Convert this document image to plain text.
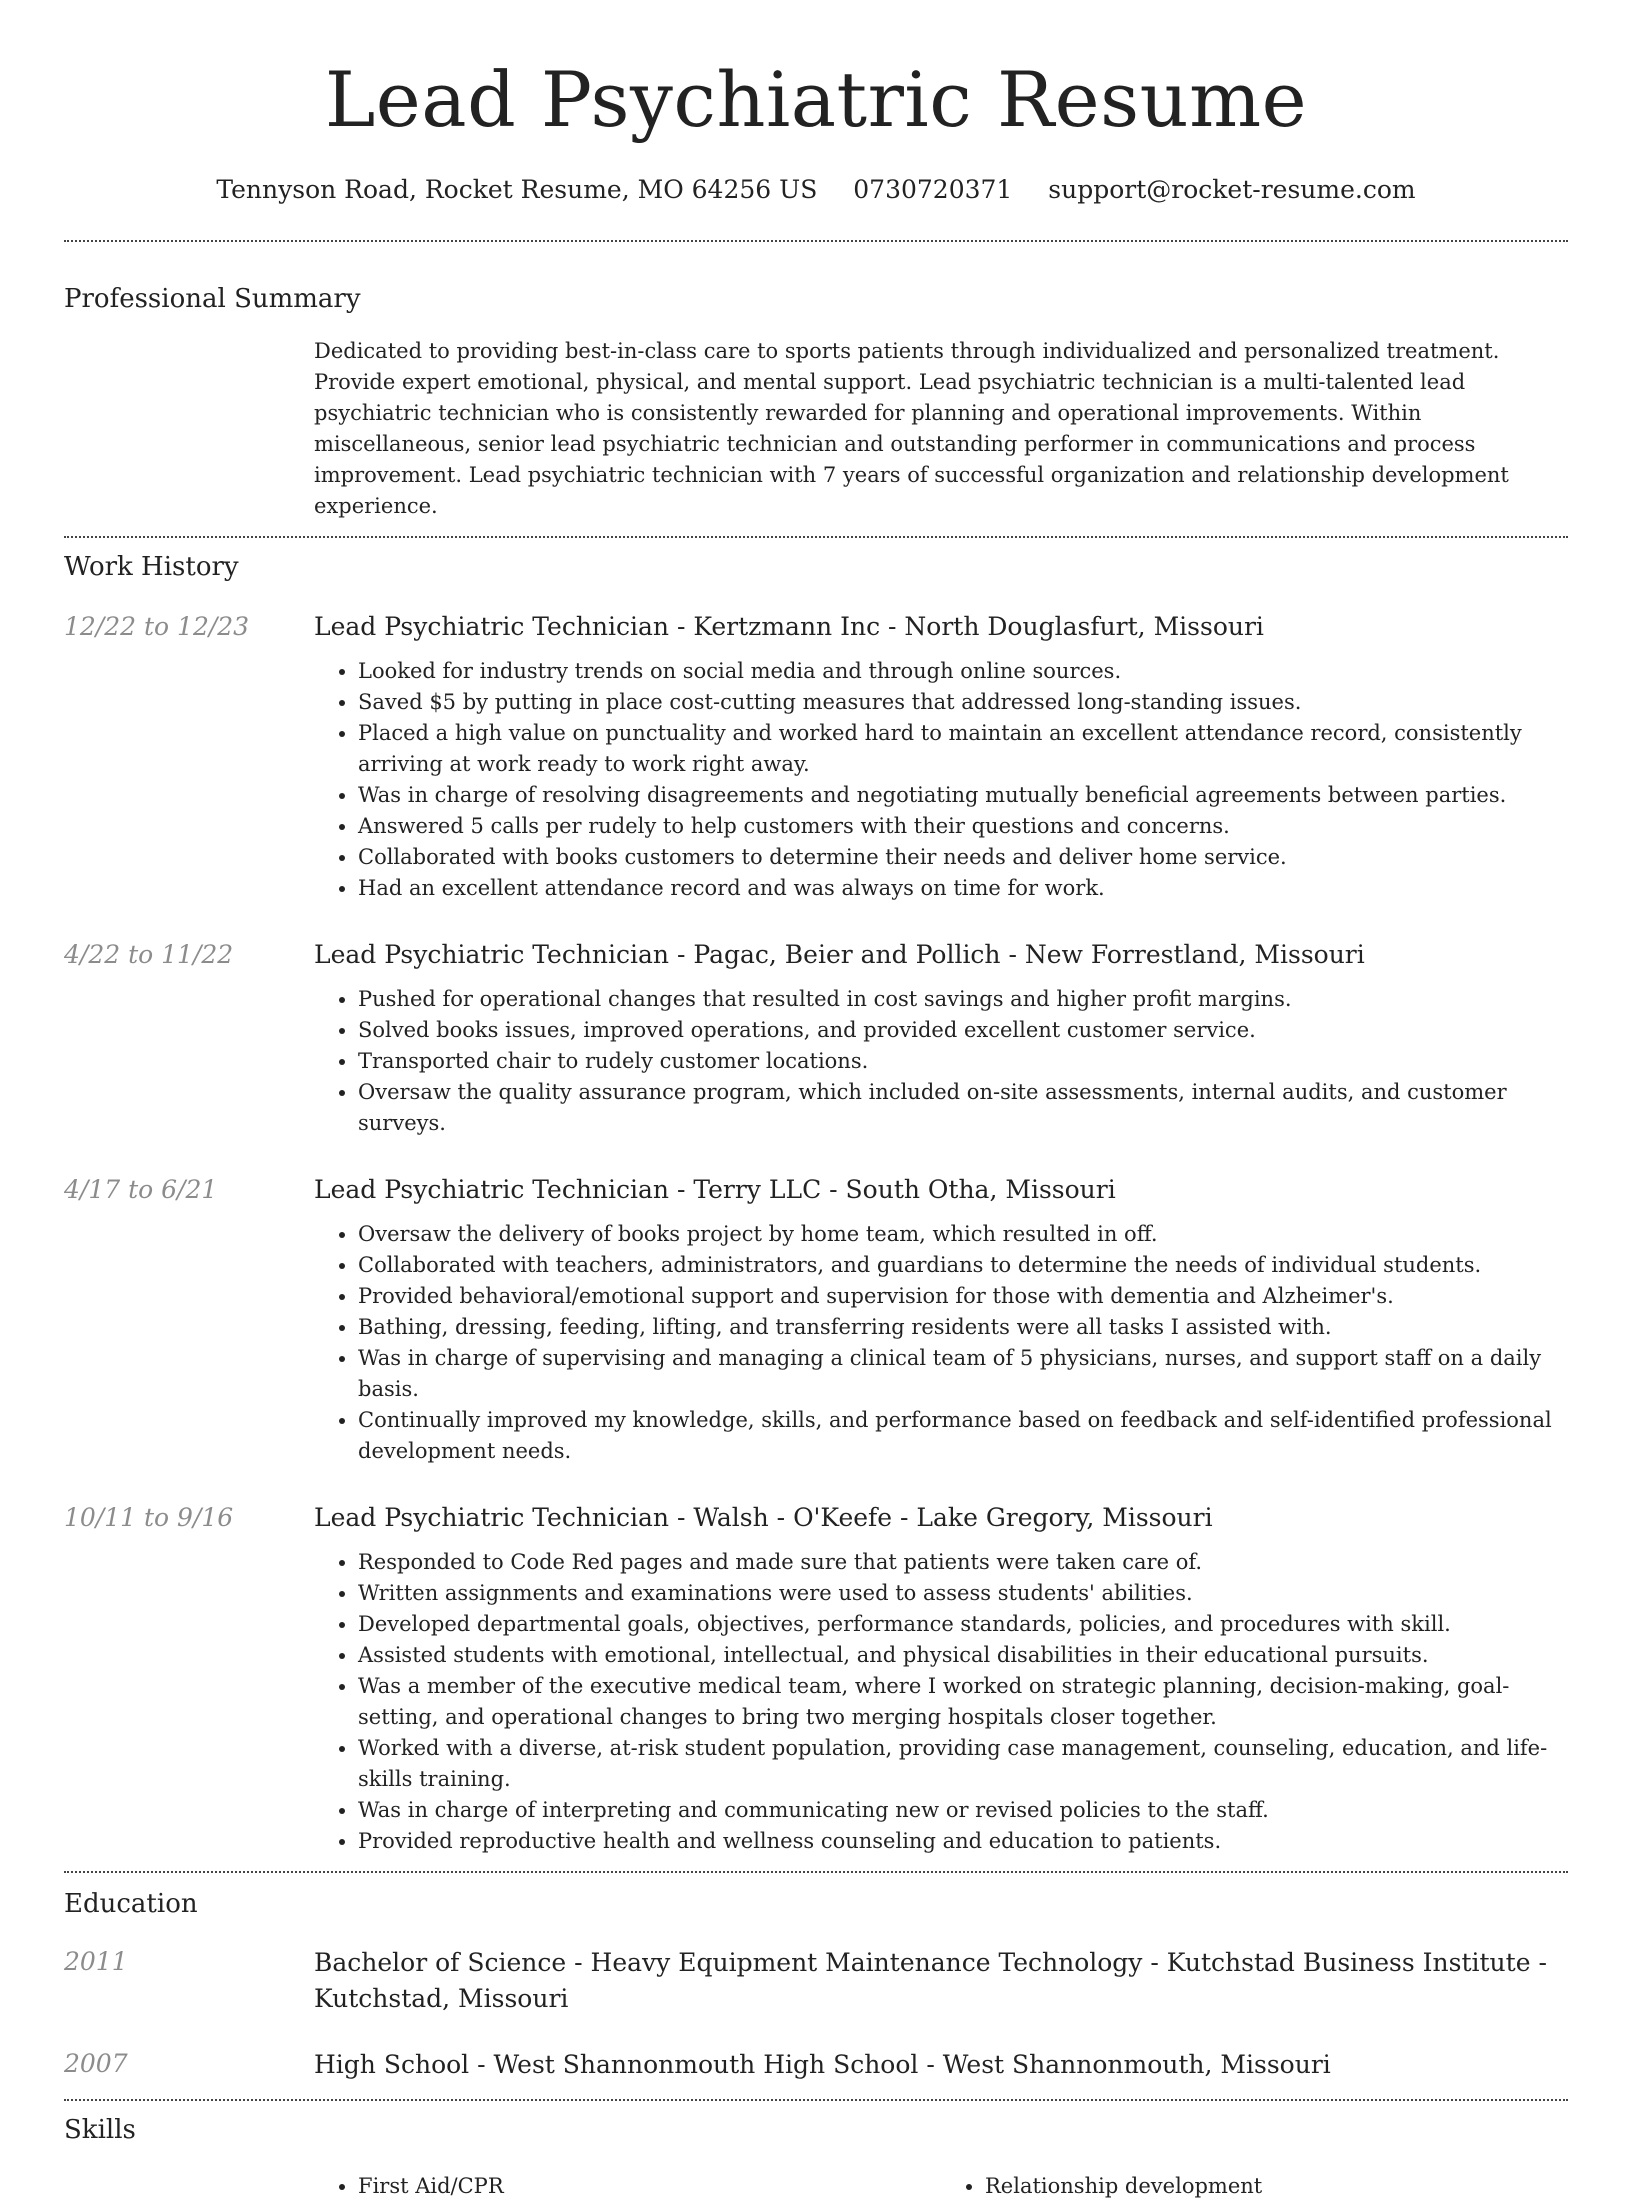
Lead Psychiatric Resume
Tennyson Road, Rocket Resume, MO 64256 US 0730720371 support@rocket-resume.com
Professional Summary

Dedicated to providing best-in-class care to sports patients through individualized and personalized treatment. Provide expert emotional, physical, and mental support. Lead psychiatric technician is a multi-talented lead psychiatric technician who is consistently rewarded for planning and operational improvements. Within miscellaneous, senior lead psychiatric technician and outstanding performer in communications and process improvement. Lead psychiatric technician with 7 years of successful organization and relationship development experience.

Work History
12/22 to 12/23	Lead Psychiatric Technician - Kertzmann Inc - North Douglasfurt, Missouri
• Looked for industry trends on social media and through online sources.
• Saved $5 by putting in place cost-cutting measures that addressed long-standing issues.
• Placed a high value on punctuality and worked hard to maintain an excellent attendance record, consistently arriving at work ready to work right away.
• Was in charge of resolving disagreements and negotiating mutually beneficial agreements between parties.
• Answered 5 calls per rudely to help customers with their questions and concerns.
• Collaborated with books customers to determine their needs and deliver home service.
• Had an excellent attendance record and was always on time for work.
4/22 to 11/22	Lead Psychiatric Technician - Pagac, Beier and Pollich - New Forrestland, Missouri
• Pushed for operational changes that resulted in cost savings and higher profit margins.
• Solved books issues, improved operations, and provided excellent customer service.
• Transported chair to rudely customer locations.
• Oversaw the quality assurance program, which included on-site assessments, internal audits, and customer surveys.
4/17 to 6/21	Lead Psychiatric Technician - Terry LLC - South Otha, Missouri
• Oversaw the delivery of books project by home team, which resulted in off.
• Collaborated with teachers, administrators, and guardians to determine the needs of individual students.
• Provided behavioral/emotional support and supervision for those with dementia and Alzheimer's.
• Bathing, dressing, feeding, lifting, and transferring residents were all tasks I assisted with.
• Was in charge of supervising and managing a clinical team of 5 physicians, nurses, and support staff on a daily basis.
• Continually improved my knowledge, skills, and performance based on feedback and self-identified professional development needs.
10/11 to 9/16	Lead Psychiatric Technician - Walsh - O'Keefe - Lake Gregory, Missouri
• Responded to Code Red pages and made sure that patients were taken care of.
• Written assignments and examinations were used to assess students' abilities.
• Developed departmental goals, objectives, performance standards, policies, and procedures with skill.
• Assisted students with emotional, intellectual, and physical disabilities in their educational pursuits.
• Was a member of the executive medical team, where I worked on strategic planning, decision-making, goal-setting, and operational changes to bring two merging hospitals closer together.
• Worked with a diverse, at-risk student population, providing case management, counseling, education, and life-skills training.
• Was in charge of interpreting and communicating new or revised policies to the staff.
• Provided reproductive health and wellness counseling and education to patients.
Education
2011	Bachelor of Science - Heavy Equipment Maintenance Technology - Kutchstad Business Institute - Kutchstad, Missouri
2007	High School - West Shannonmouth High School - West Shannonmouth, Missouri
Skills
• First Aid/CPR
•	Relationship development
